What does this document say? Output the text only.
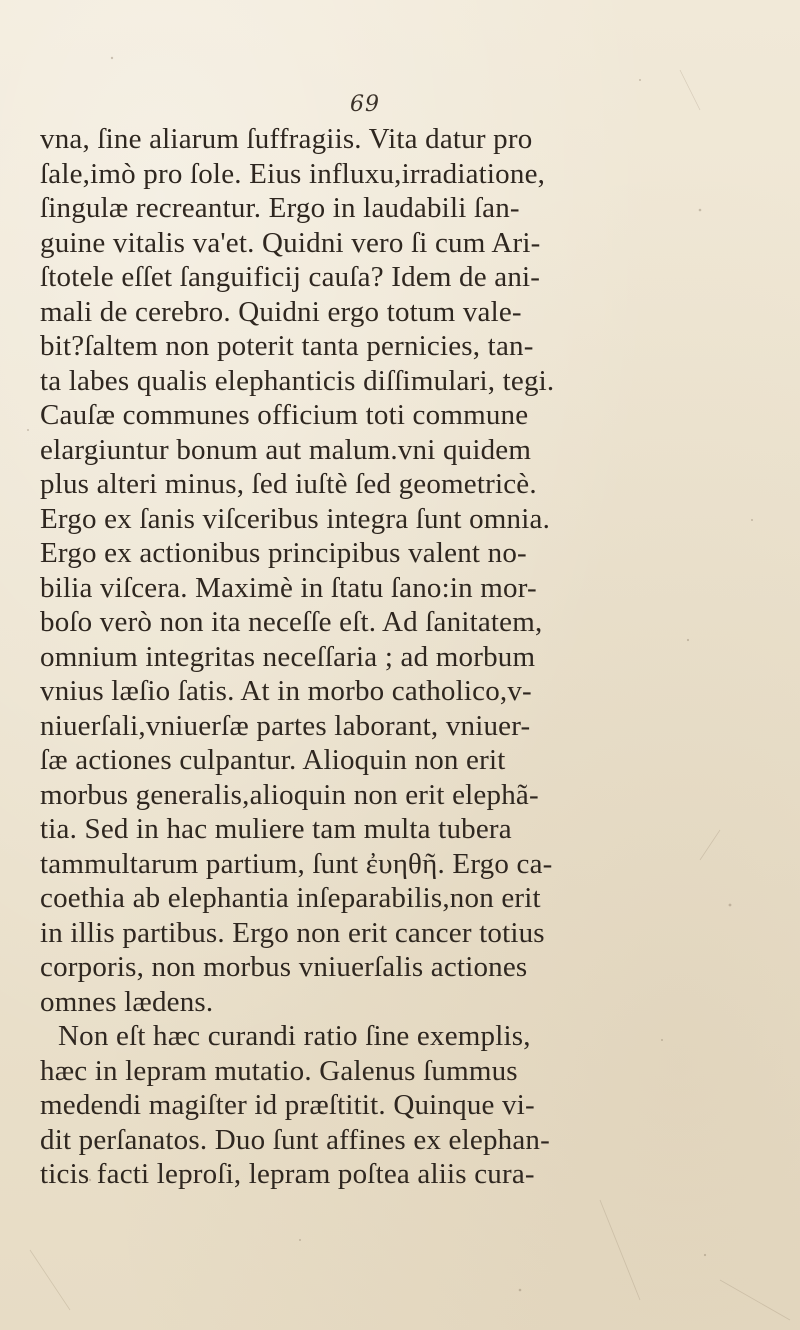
69
vna, ſine aliarum ſuffragiis. Vita datur pro
ſale,imò pro ſole. Eius influxu,irradiatione,
ſingulæ recreantur. Ergo in laudabili ſan-
guine vitalis va'et. Quidni vero ſi cum Ari-
ſtotele eſſet ſanguificij cauſa? Idem de ani-
mali de cerebro. Quidni ergo totum vale-
bit?ſaltem non poterit tanta pernicies, tan-
ta labes qualis elephanticis diſſimulari, tegi.
Cauſæ communes officium toti commune
elargiuntur bonum aut malum.vni quidem
plus alteri minus, ſed iuſtè ſed geometricè.
Ergo ex ſanis viſceribus integra ſunt omnia.
Ergo ex actionibus principibus valent no-
bilia viſcera. Maximè in ſtatu ſano:in mor-
boſo verò non ita neceſſe eſt. Ad ſanitatem,
omnium integritas neceſſaria ; ad morbum
vnius læſio ſatis. At in morbo catholico,v-
niuerſali,vniuerſæ partes laborant, vniuer-
ſæ actiones culpantur. Alioquin non erit
morbus generalis,alioquin non erit elephã-
tia. Sed in hac muliere tam multa tubera
tammultarum partium, ſunt ἐυηθῆ. Ergo ca-
coethia ab elephantia inſeparabilis,non erit
in illis partibus. Ergo non erit cancer totius
corporis, non morbus vniuerſalis actiones
omnes lædens.
Non eſt hæc curandi ratio ſine exemplis,
hæc in lepram mutatio. Galenus ſummus
medendi magiſter id præſtitit. Quinque vi-
dit perſanatos. Duo ſunt affines ex elephan-
ticis facti leproſi, lepram poſtea aliis cura-
